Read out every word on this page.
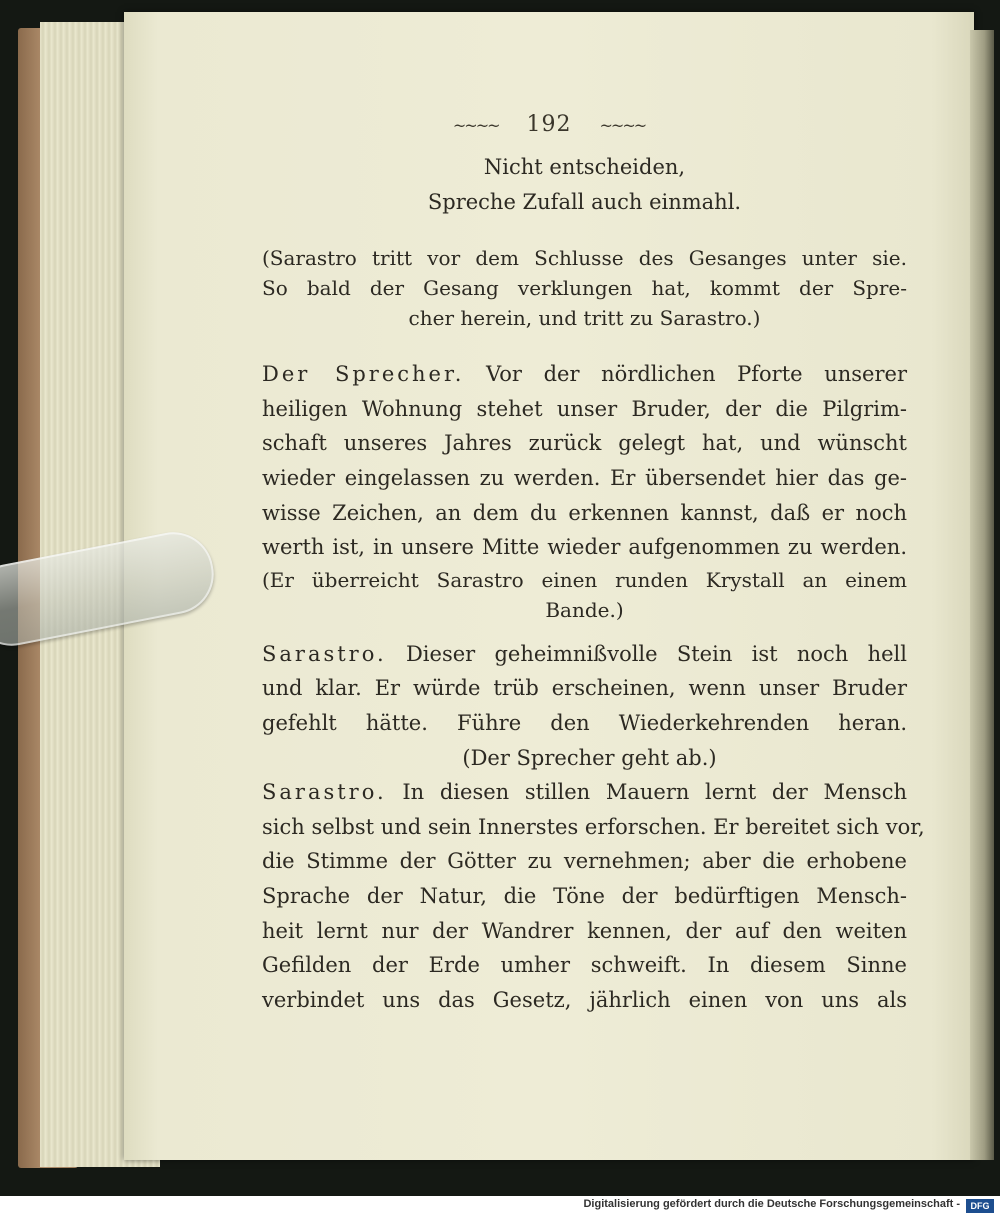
~~~~ 192 ~~~~
Nicht entscheiden,
Spreche Zufall auch einmahl.
(Sarastro tritt vor dem Schlusse des Gesanges unter sie.
So bald der Gesang verklungen hat, kommt der Spre-
cher herein, und tritt zu Sarastro.)
Der Sprecher. Vor der nördlichen Pforte unserer
heiligen Wohnung stehet unser Bruder, der die Pilgrim-
schaft unseres Jahres zurück gelegt hat, und wünscht
wieder eingelassen zu werden. Er übersendet hier das ge-
wisse Zeichen, an dem du erkennen kannst, daß er noch
werth ist, in unsere Mitte wieder aufgenommen zu werden.
(Er überreicht Sarastro einen runden Krystall an einem
Bande.)
Sarastro. Dieser geheimnißvolle Stein ist noch hell
und klar. Er würde trüb erscheinen, wenn unser Bruder
gefehlt hätte. Führe den Wiederkehrenden heran.
(Der Sprecher geht ab.)
Sarastro. In diesen stillen Mauern lernt der Mensch
sich selbst und sein Innerstes erforschen. Er bereitet sich vor,
die Stimme der Götter zu vernehmen; aber die erhobene
Sprache der Natur, die Töne der bedürftigen Mensch-
heit lernt nur der Wandrer kennen, der auf den weiten
Gefilden der Erde umher schweift. In diesem Sinne
verbindet uns das Gesetz, jährlich einen von uns als
Digitalisierung gefördert durch die Deutsche Forschungsgemeinschaft -	DFG
